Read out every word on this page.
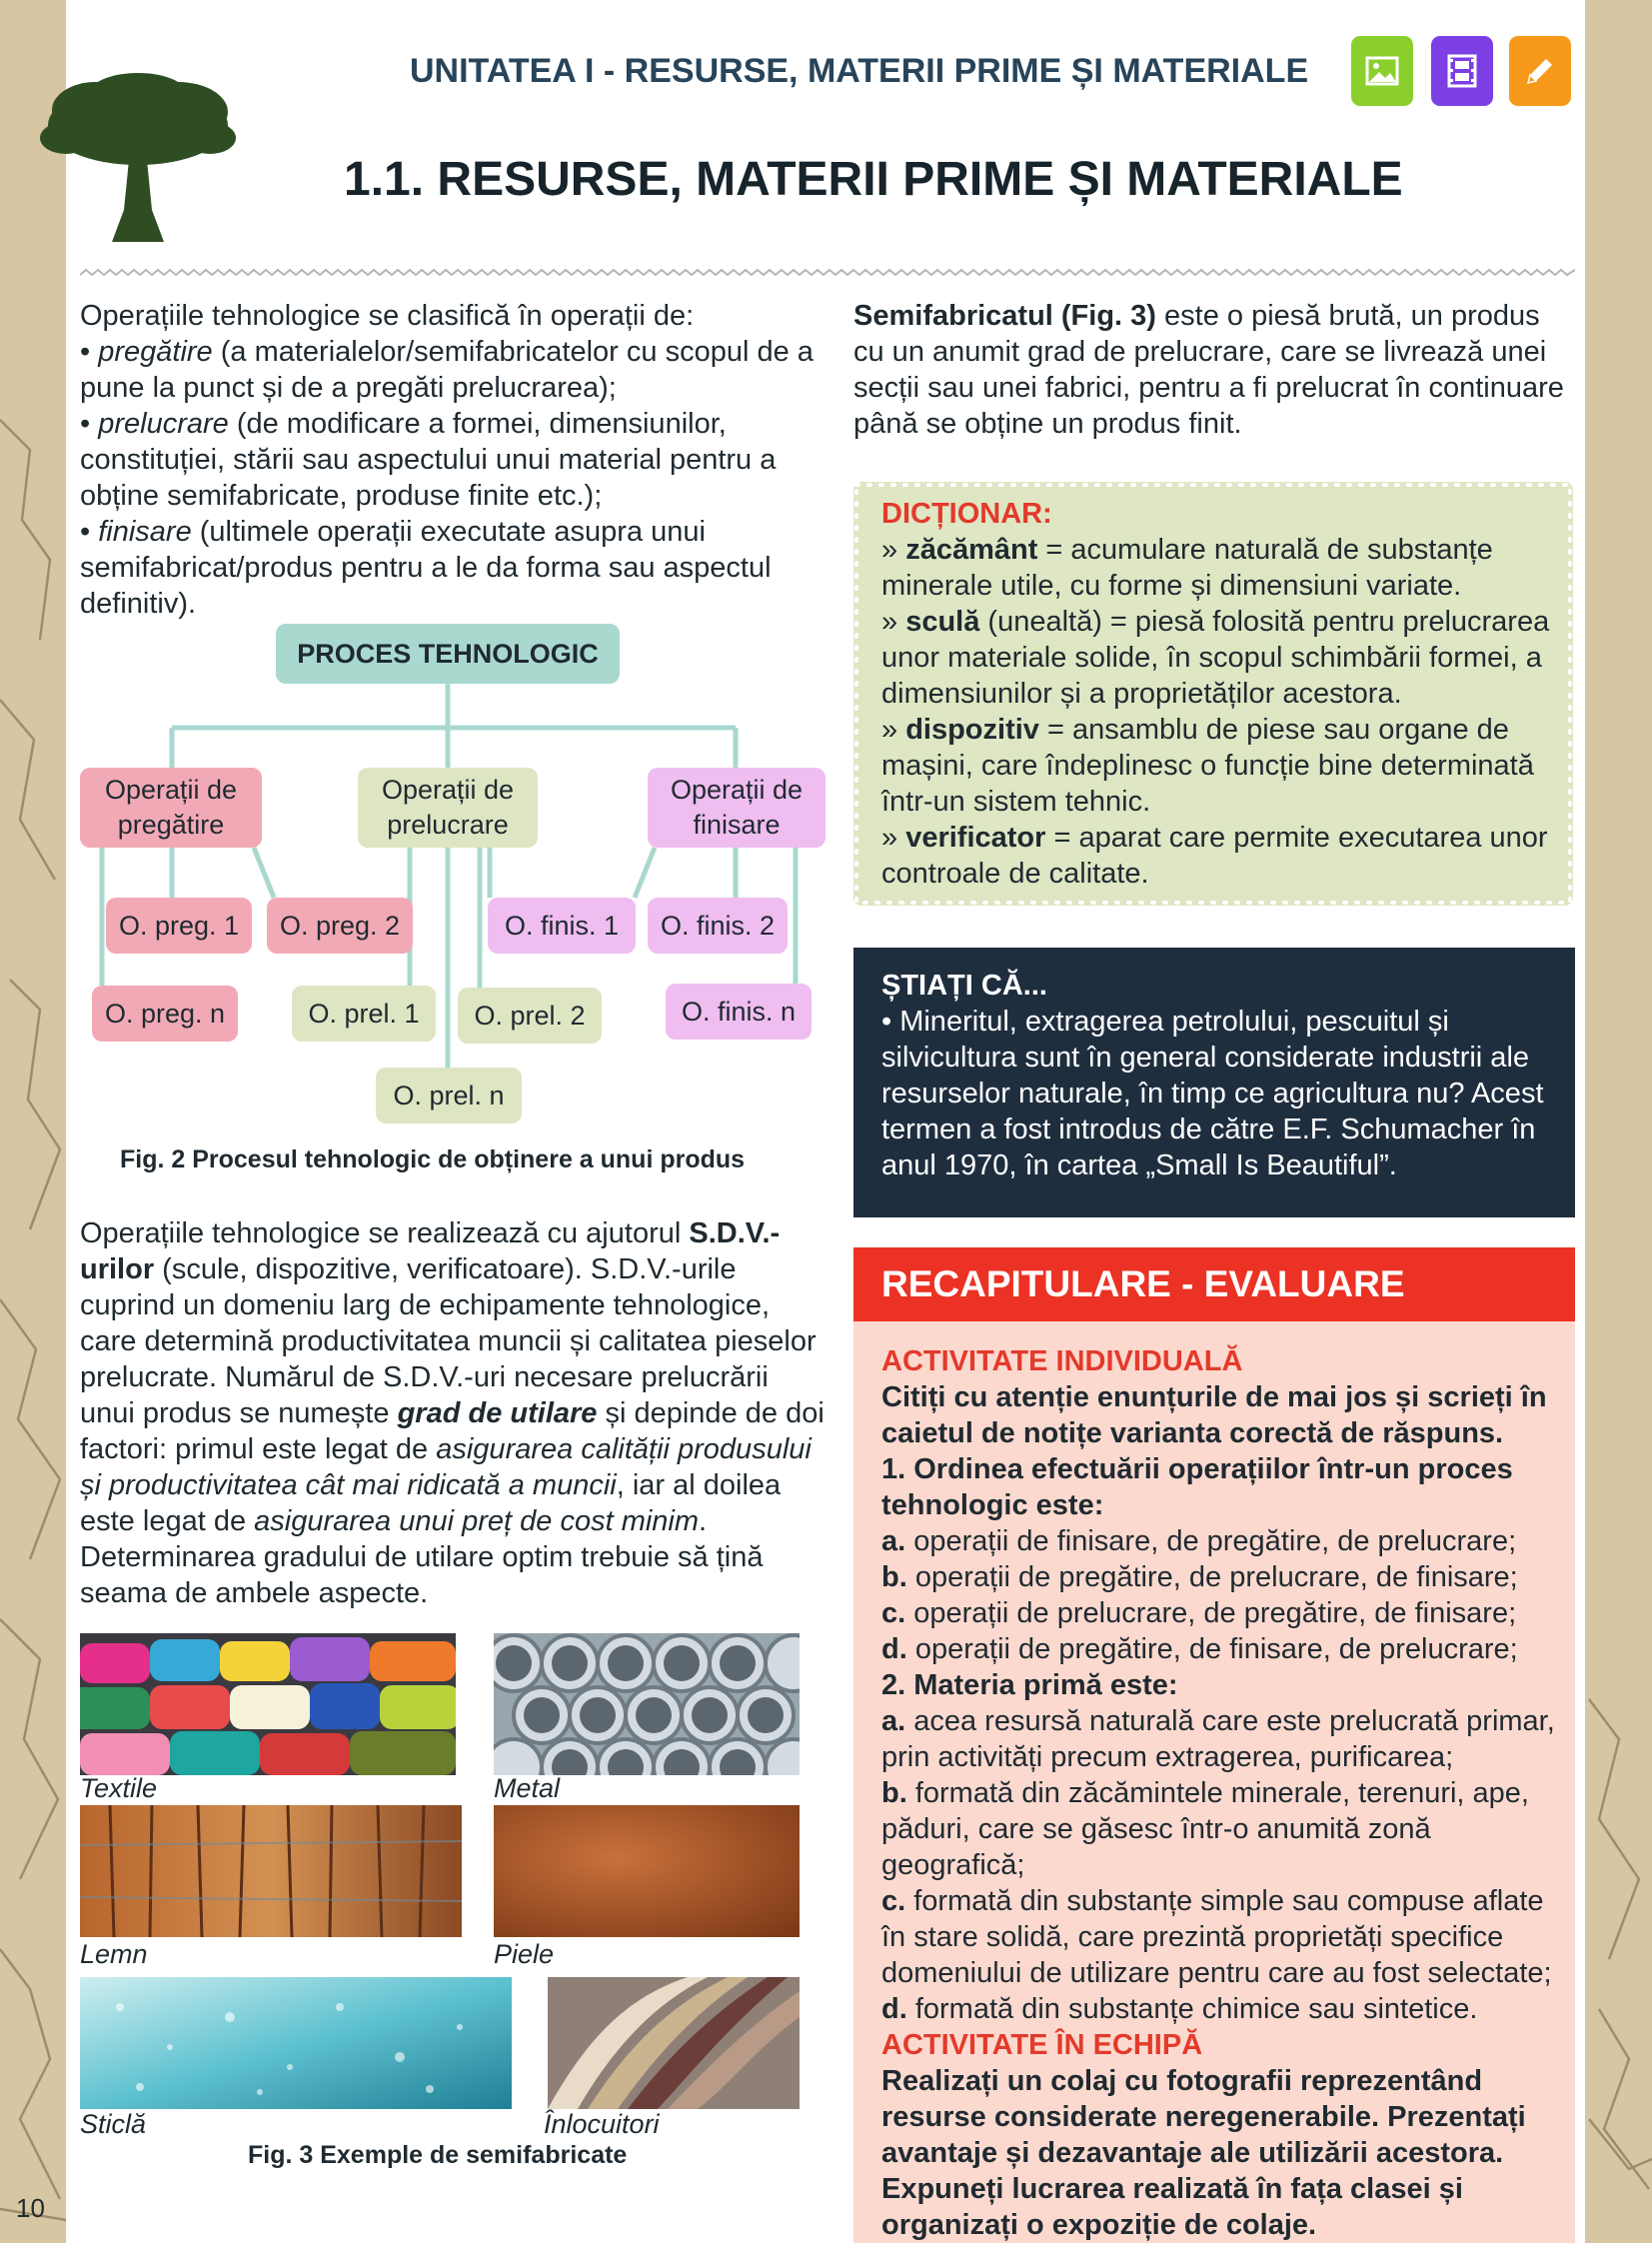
UNITATEA I - RESURSE, MATERII PRIME ȘI MATERIALE
1.1. RESURSE, MATERII PRIME ȘI MATERIALE
Operațiile tehnologice se clasifică în operații de:
• pregătire (a materialelor/semifabricatelor cu scopul de a pune la punct și de a pregăti prelucrarea);
• prelucrare (de modificare a formei, dimensiunilor, constituției, stării sau aspectului unui material pentru a obține semifabricate, produse finite etc.);
• finisare (ultimele operații executate asupra unui semifabricat/produs pentru a le da forma sau aspectul definitiv).
PROCES TEHNOLOGIC
Operații de pregătire
Operații de prelucrare
Operații de finisare
O. preg. 1	O. preg. 2	O. finis. 1	O. finis. 2
O. preg. n	O. prel. 1	O. prel. 2	O. finis. n
O. prel. n
Fig. 2 Procesul tehnologic de obținere a unui produs
Operațiile tehnologice se realizează cu ajutorul S.D.V.-urilor (scule, dispozitive, verificatoare). S.D.V.-urile cuprind un domeniu larg de echipamente tehnologice, care determină productivitatea muncii și calitatea pieselor prelucrate. Numărul de S.D.V.-uri necesare prelucrării unui produs se numește grad de utilare și depinde de doi factori: primul este legat de asigurarea calității produsului și productivitatea cât mai ridicată a muncii, iar al doilea este legat de asigurarea unui preț de cost minim. Determinarea gradului de utilare optim trebuie să țină seama de ambele aspecte.
Textile	Metal
Lemn	Piele
Sticlă	Înlocuitori
Fig. 3 Exemple de semifabricate
Semifabricatul (Fig. 3) este o piesă brută, un produs cu un anumit grad de prelucrare, care se livrează unei secții sau unei fabrici, pentru a fi prelucrat în continuare până se obține un produs finit.
DICȚIONAR:
» zăcământ = acumulare naturală de substanțe minerale utile, cu forme și dimensiuni variate.
» sculă (unealtă) = piesă folosită pentru prelucrarea unor materiale solide, în scopul schimbării formei, a dimensiunilor și a proprietăților acestora.
» dispozitiv = ansamblu de piese sau organe de mașini, care îndeplinesc o funcție bine determinată într-un sistem tehnic.
» verificator = aparat care permite executarea unor controale de calitate.
ȘTIAȚI CĂ...
• Mineritul, extragerea petrolului, pescuitul și silvicultura sunt în general considerate industrii ale resurselor naturale, în timp ce agricultura nu? Acest termen a fost introdus de către E.F. Schumacher în anul 1970, în cartea „Small Is Beautiful”.
RECAPITULARE - EVALUARE
ACTIVITATE INDIVIDUALĂ
Citiți cu atenție enunțurile de mai jos și scrieți în caietul de notițe varianta corectă de răspuns.
1. Ordinea efectuării operațiilor într-un proces tehnologic este:
a. operații de finisare, de pregătire, de prelucrare;
b. operații de pregătire, de prelucrare, de finisare;
c. operații de prelucrare, de pregătire, de finisare;
d. operații de pregătire, de finisare, de prelucrare;
2. Materia primă este:
a. acea resursă naturală care este prelucrată primar, prin activități precum extragerea, purificarea;
b. formată din zăcămintele minerale, terenuri, ape, păduri, care se găsesc într-o anumită zonă geografică;
c. formată din substanțe simple sau compuse aflate în stare solidă, care prezintă proprietăți specifice domeniului de utilizare pentru care au fost selectate;
d. formată din substanțe chimice sau sintetice.
ACTIVITATE ÎN ECHIPĂ
Realizați un colaj cu fotografii reprezentând resurse considerate neregenerabile. Prezentați avantaje și dezavantaje ale utilizării acestora. Expuneți lucrarea realizată în fața clasei și organizați o expoziție de colaje.
10
